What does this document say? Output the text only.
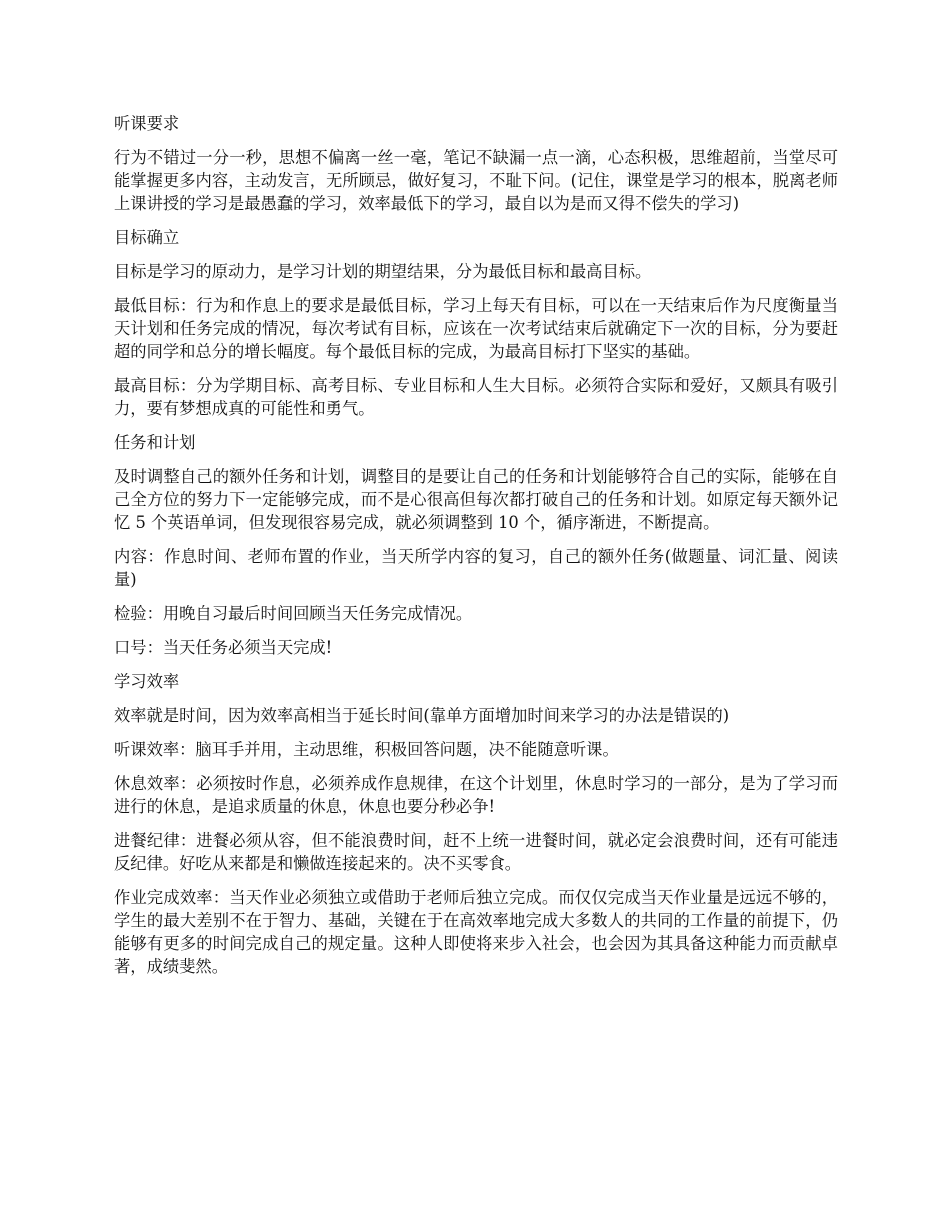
听课要求

行为不错过一分一秒，思想不偏离一丝一毫，笔记不缺漏一点一滴，心态积极，思维超前，当堂尽可能掌握更多内容，主动发言，无所顾忌，做好复习，不耻下问。(记住，课堂是学习的根本，脱离老师上课讲授的学习是最愚蠢的学习，效率最低下的学习，最自以为是而又得不偿失的学习)

目标确立

目标是学习的原动力，是学习计划的期望结果，分为最低目标和最高目标。

最低目标：行为和作息上的要求是最低目标，学习上每天有目标，可以在一天结束后作为尺度衡量当天计划和任务完成的情况，每次考试有目标，应该在一次考试结束后就确定下一次的目标，分为要赶超的同学和总分的增长幅度。每个最低目标的完成，为最高目标打下坚实的基础。

最高目标：分为学期目标、高考目标、专业目标和人生大目标。必须符合实际和爱好，又颇具有吸引力，要有梦想成真的可能性和勇气。

任务和计划

及时调整自己的额外任务和计划，调整目的是要让自己的任务和计划能够符合自己的实际，能够在自己全方位的努力下一定能够完成，而不是心很高但每次都打破自己的任务和计划。如原定每天额外记忆 5 个英语单词，但发现很容易完成，就必须调整到 10 个，循序渐进，不断提高。

内容：作息时间、老师布置的作业，当天所学内容的复习，自己的额外任务(做题量、词汇量、阅读量)

检验：用晚自习最后时间回顾当天任务完成情况。

口号：当天任务必须当天完成!

学习效率

效率就是时间，因为效率高相当于延长时间(靠单方面增加时间来学习的办法是错误的)

听课效率：脑耳手并用，主动思维，积极回答问题，决不能随意听课。

休息效率：必须按时作息，必须养成作息规律，在这个计划里，休息时学习的一部分，是为了学习而进行的休息，是追求质量的休息，休息也要分秒必争!

进餐纪律：进餐必须从容，但不能浪费时间，赶不上统一进餐时间，就必定会浪费时间，还有可能违反纪律。好吃从来都是和懒做连接起来的。决不买零食。

作业完成效率：当天作业必须独立或借助于老师后独立完成。而仅仅完成当天作业量是远远不够的，学生的最大差别不在于智力、基础，关键在于在高效率地完成大多数人的共同的工作量的前提下，仍能够有更多的时间完成自己的规定量。这种人即使将来步入社会，也会因为其具备这种能力而贡献卓著，成绩斐然。
